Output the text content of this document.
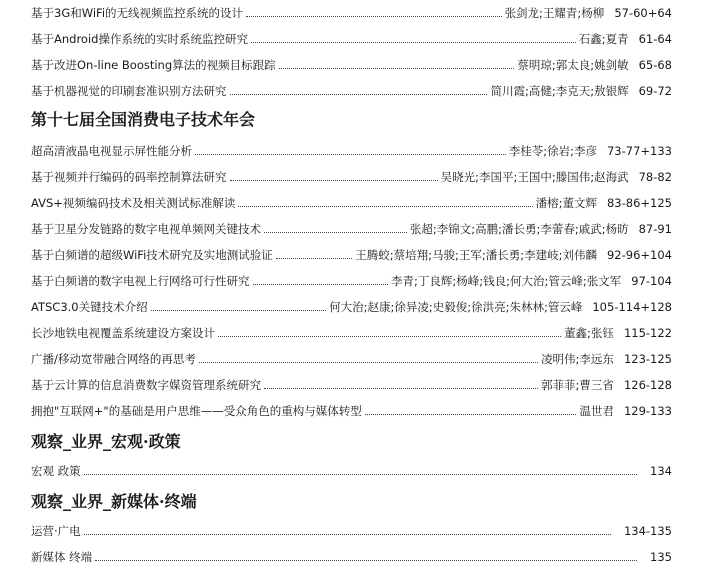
基于3G和WiFi的无线视频监控系统的设计	张剑龙;王耀青;杨柳 57-60+64
基于Android操作系统的实时系统监控研究	石鑫;夏青 61-64
基于改进On-line Boosting算法的视频目标跟踪	蔡明琼;郭太良;姚剑敏 65-68
基于机器视觉的印刷套准识别方法研究	简川霞;高健;李克天;敖银辉 69-72
第十七届全国消费电子技术年会
超高清液晶电视显示屏性能分析	李桂苓;徐岩;李彦 73-77+133
基于视频并行编码的码率控制算法研究	吴晓光;李国平;王国中;滕国伟;赵海武 78-82
AVS+视频编码技术及相关测试标准解读	潘榕;董文辉 83-86+125
基于卫星分发链路的数字电视单频网关键技术	张超;李锦文;高鹏;潘长勇;李蕾春;戚武;杨昉 87-91
基于白频谱的超级WiFi技术研究及实地测试验证	王腾蛟;蔡培翔;马骏;王军;潘长勇;李建岐;刘伟麟 92-96+104
基于白频谱的数字电视上行网络可行性研究	李青;丁良辉;杨峰;钱良;何大治;管云峰;张文军 97-104
ATSC3.0关键技术介绍	何大治;赵康;徐异凌;史毅俊;徐洪亮;朱林林;管云峰 105-114+128
长沙地铁电视覆盖系统建设方案设计	董鑫;张钰 115-122
广播/移动宽带融合网络的再思考	凌明伟;李远东 123-125
基于云计算的信息消费数字媒资管理系统研究	郭菲菲;曹三省 126-128
拥抱"互联网+"的基础是用户思维——受众角色的重构与媒体转型	温世君 129-133
观察_业界_宏观·政策
宏观 政策	134
观察_业界_新媒体·终端
运营·广电	134-135
新媒体 终端	135
